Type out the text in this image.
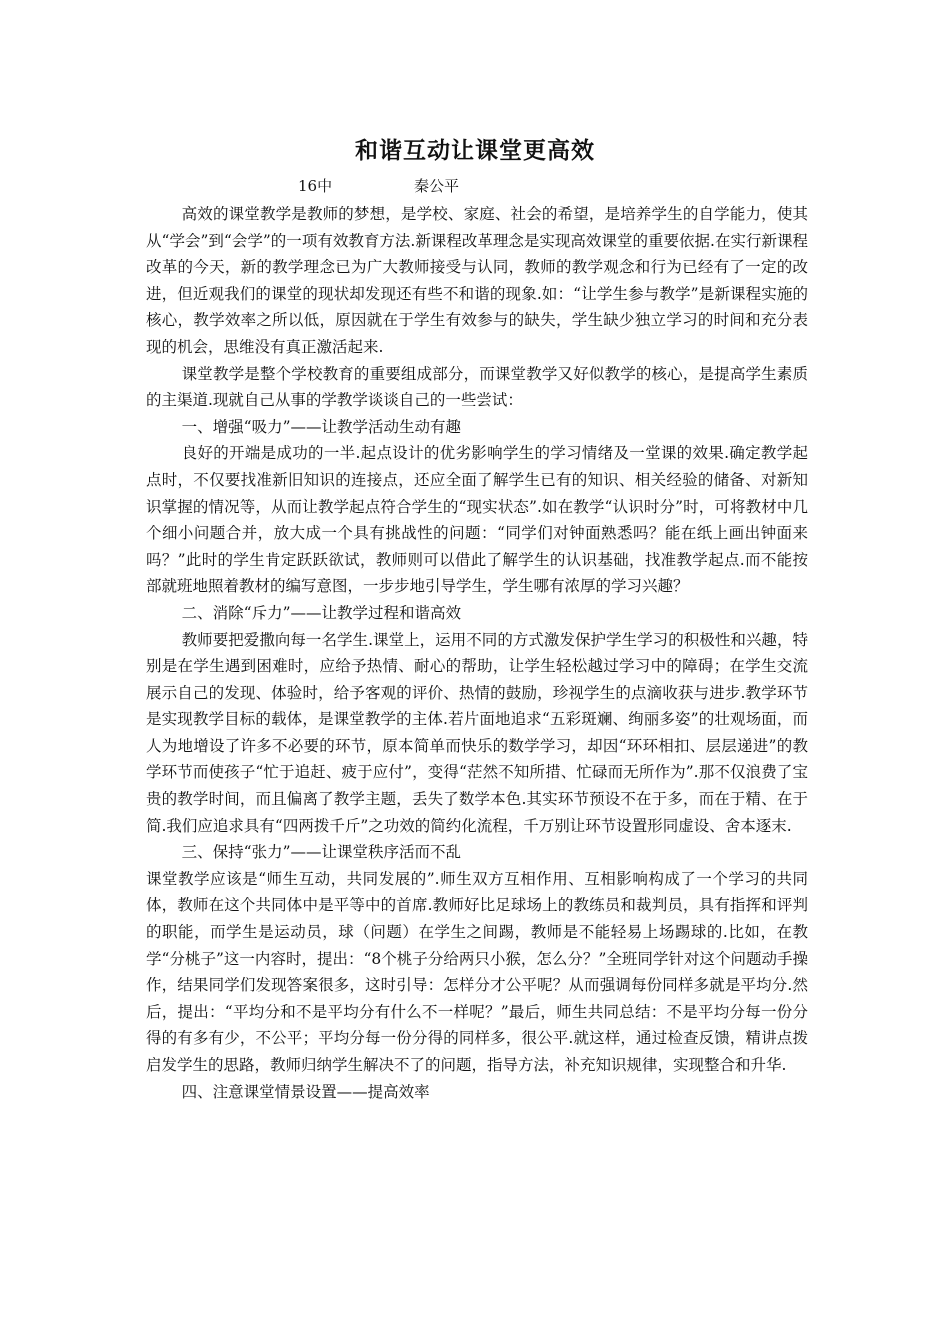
和谐互动让课堂更高效
16中	秦公平

高效的课堂教学是教师的梦想，是学校、家庭、社会的希望，是培养学生的自学能力，使其从“学会”到“会学”的一项有效教育方法.新课程改革理念是实现高效课堂的重要依据.在实行新课程改革的今天，新的教学理念已为广大教师接受与认同，教师的教学观念和行为已经有了一定的改进，但近观我们的课堂的现状却发现还有些不和谐的现象.如：“让学生参与教学”是新课程实施的核心，教学效率之所以低，原因就在于学生有效参与的缺失，学生缺少独立学习的时间和充分表现的机会，思维没有真正激活起来.

课堂教学是整个学校教育的重要组成部分，而课堂教学又好似教学的核心，是提高学生素质的主渠道.现就自己从事的学教学谈谈自己的一些尝试：

一、增强“吸力”——让教学活动生动有趣

良好的开端是成功的一半.起点设计的优劣影响学生的学习情绪及一堂课的效果.确定教学起点时，不仅要找准新旧知识的连接点，还应全面了解学生已有的知识、相关经验的储备、对新知识掌握的情况等，从而让教学起点符合学生的“现实状态”.如在教学“认识时分”时，可将教材中几个细小问题合并，放大成一个具有挑战性的问题：“同学们对钟面熟悉吗？能在纸上画出钟面来吗？”此时的学生肯定跃跃欲试，教师则可以借此了解学生的认识基础，找准教学起点.而不能按部就班地照着教材的编写意图，一步步地引导学生，学生哪有浓厚的学习兴趣？

二、消除“斥力”——让教学过程和谐高效

教师要把爱撒向每一名学生.课堂上，运用不同的方式激发保护学生学习的积极性和兴趣，特别是在学生遇到困难时，应给予热情、耐心的帮助，让学生轻松越过学习中的障碍；在学生交流展示自己的发现、体验时，给予客观的评价、热情的鼓励，珍视学生的点滴收获与进步.教学环节是实现教学目标的载体，是课堂教学的主体.若片面地追求“五彩斑斓、绚丽多姿”的壮观场面，而人为地增设了许多不必要的环节，原本简单而快乐的数学学习，却因“环环相扣、层层递进”的教学环节而使孩子“忙于追赶、疲于应付”，变得“茫然不知所措、忙碌而无所作为”.那不仅浪费了宝贵的教学时间，而且偏离了教学主题，丢失了数学本色.其实环节预设不在于多，而在于精、在于简.我们应追求具有“四两拨千斤”之功效的简约化流程，千万别让环节设置形同虚设、舍本逐末.

三、保持“张力”——让课堂秩序活而不乱

课堂教学应该是“师生互动，共同发展的”.师生双方互相作用、互相影响构成了一个学习的共同体，教师在这个共同体中是平等中的首席.教师好比足球场上的教练员和裁判员，具有指挥和评判的职能，而学生是运动员，球（问题）在学生之间踢，教师是不能轻易上场踢球的.比如，在教学“分桃子”这一内容时，提出：“8个桃子分给两只小猴，怎么分？”全班同学针对这个问题动手操作，结果同学们发现答案很多，这时引导：怎样分才公平呢？从而强调每份同样多就是平均分.然后，提出：“平均分和不是平均分有什么不一样呢？”最后，师生共同总结：不是平均分每一份分得的有多有少，不公平；平均分每一份分得的同样多，很公平.就这样，通过检查反馈，精讲点拨启发学生的思路，教师归纳学生解决不了的问题，指导方法，补充知识规律，实现整合和升华.

四、注意课堂情景设置——提高效率
